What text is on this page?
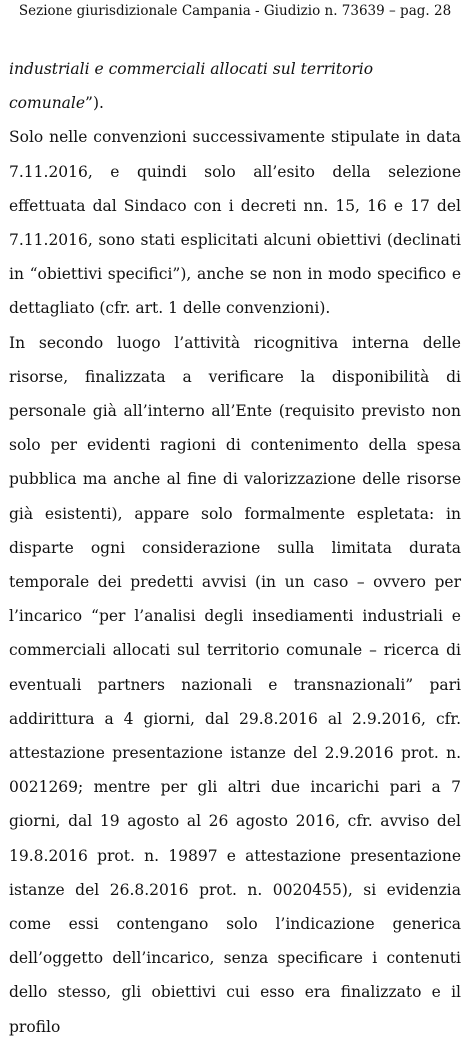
Sezione giurisdizionale Campania - Giudizio n. 73639 – pag. 28

industriali e commerciali allocati sul territorio comunale”).

Solo nelle convenzioni successivamente stipulate in data 7.11.2016, e quindi solo all’esito della selezione effettuata dal Sindaco con i decreti nn. 15, 16 e 17 del 7.11.2016, sono stati esplicitati alcuni obiettivi (declinati in “obiettivi specifici”), anche se non in modo specifico e dettagliato (cfr. art. 1 delle convenzioni).

In secondo luogo l’attività ricognitiva interna delle risorse, finalizzata a verificare la disponibilità di personale già all’interno all’Ente (requisito previsto non solo per evidenti ragioni di contenimento della spesa pubblica ma anche al fine di valorizzazione delle risorse già esistenti), appare solo formalmente espletata: in disparte ogni considerazione sulla limitata durata temporale dei predetti avvisi (in un caso – ovvero per l’incarico “per l’analisi degli insediamenti industriali e commerciali allocati sul territorio comunale – ricerca di eventuali partners nazionali e transnazionali” pari addirittura a 4 giorni, dal 29.8.2016 al 2.9.2016, cfr. attestazione presentazione istanze del 2.9.2016 prot. n. 0021269; mentre per gli altri due incarichi pari a 7 giorni, dal 19 agosto al 26 agosto 2016, cfr. avviso del 19.8.2016 prot. n. 19897 e attestazione presentazione istanze del 26.8.2016 prot. n. 0020455), si evidenzia come essi contengano solo l’indicazione generica dell’oggetto dell’incarico, senza specificare i contenuti dello stesso, gli obiettivi cui esso era finalizzato e il profilo
